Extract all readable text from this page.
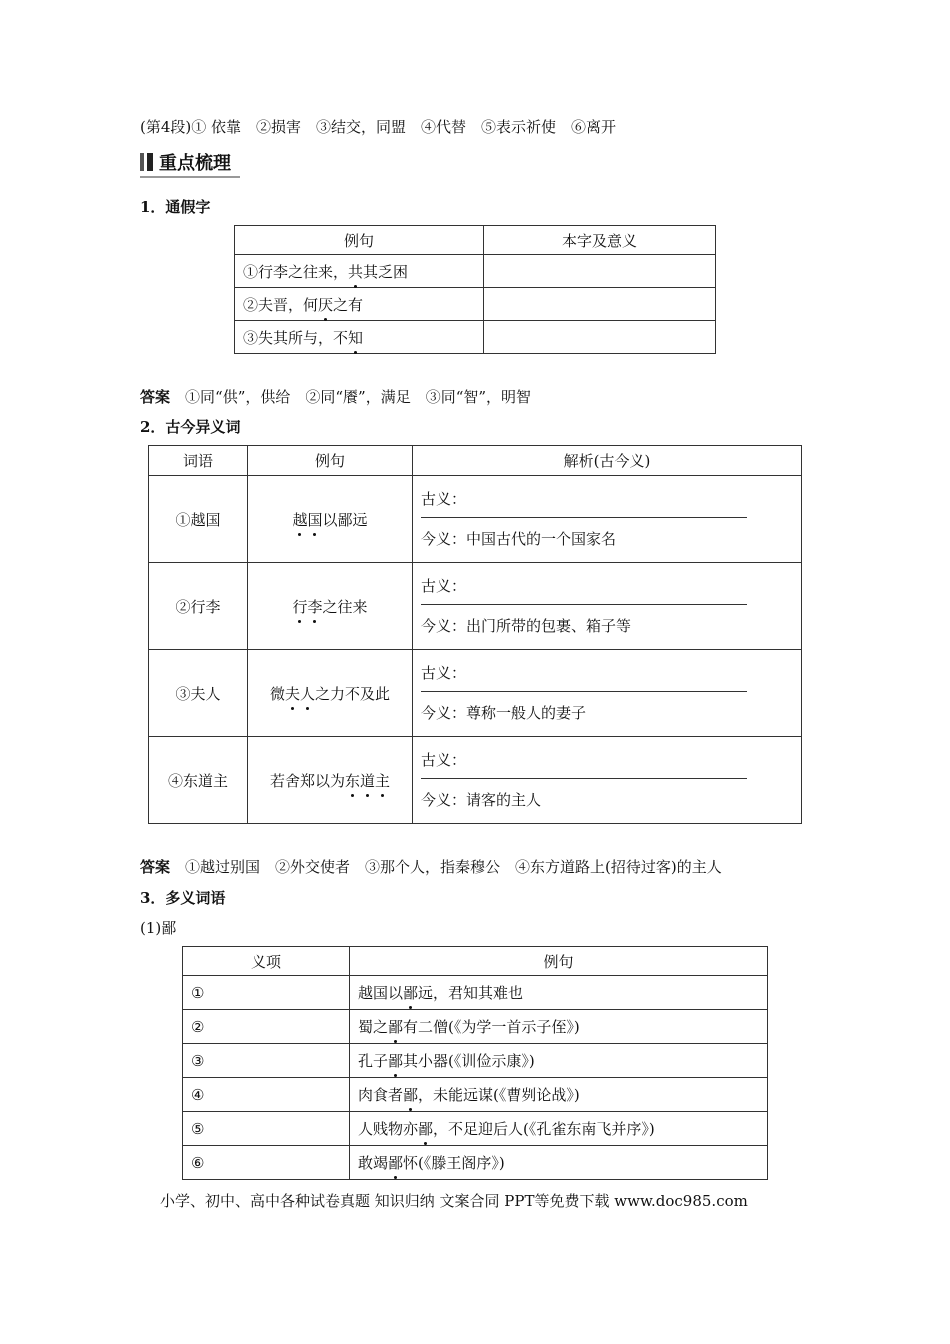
(第4段)① 依靠　②损害　③结交，同盟　④代替　⑤表示祈使　⑥离开
重点梳理
1．通假字
例句	本字及意义
①行李之往来，共其乏困	
②夫晋，何厌之有	
③失其所与，不知	
答案　 ①同“供”，供给　②同“餍”，满足　③同“智”，明智
2．古今异义词
词语	例句	解析(古今义)
①越国	越国以鄙远	古义：
今义：中国古代的一个国家名
②行李	行李之往来	古义：
今义：出门所带的包裹、箱子等
③夫人	微夫人之力不及此	古义：
今义：尊称一般人的妻子
④东道主	若舍郑以为东道主	古义：
今义：请客的主人
答案　 ①越过别国　②外交使者　③那个人，指秦穆公　④东方道路上(招待过客)的主人
3．多义词语
(1)鄙
义项	例句
①	越国以鄙远，君知其难也
②	蜀之鄙有二僧(《为学一首示子侄》)
③	孔子鄙其小器(《训俭示康》)
④	肉食者鄙，未能远谋(《曹刿论战》)
⑤	人贱物亦鄙，不足迎后人(《孔雀东南飞并序》)
⑥	敢竭鄙怀(《滕王阁序》)
小学、初中、高中各种试卷真题 知识归纳 文案合同 PPT等免费下载 www.doc985.com
